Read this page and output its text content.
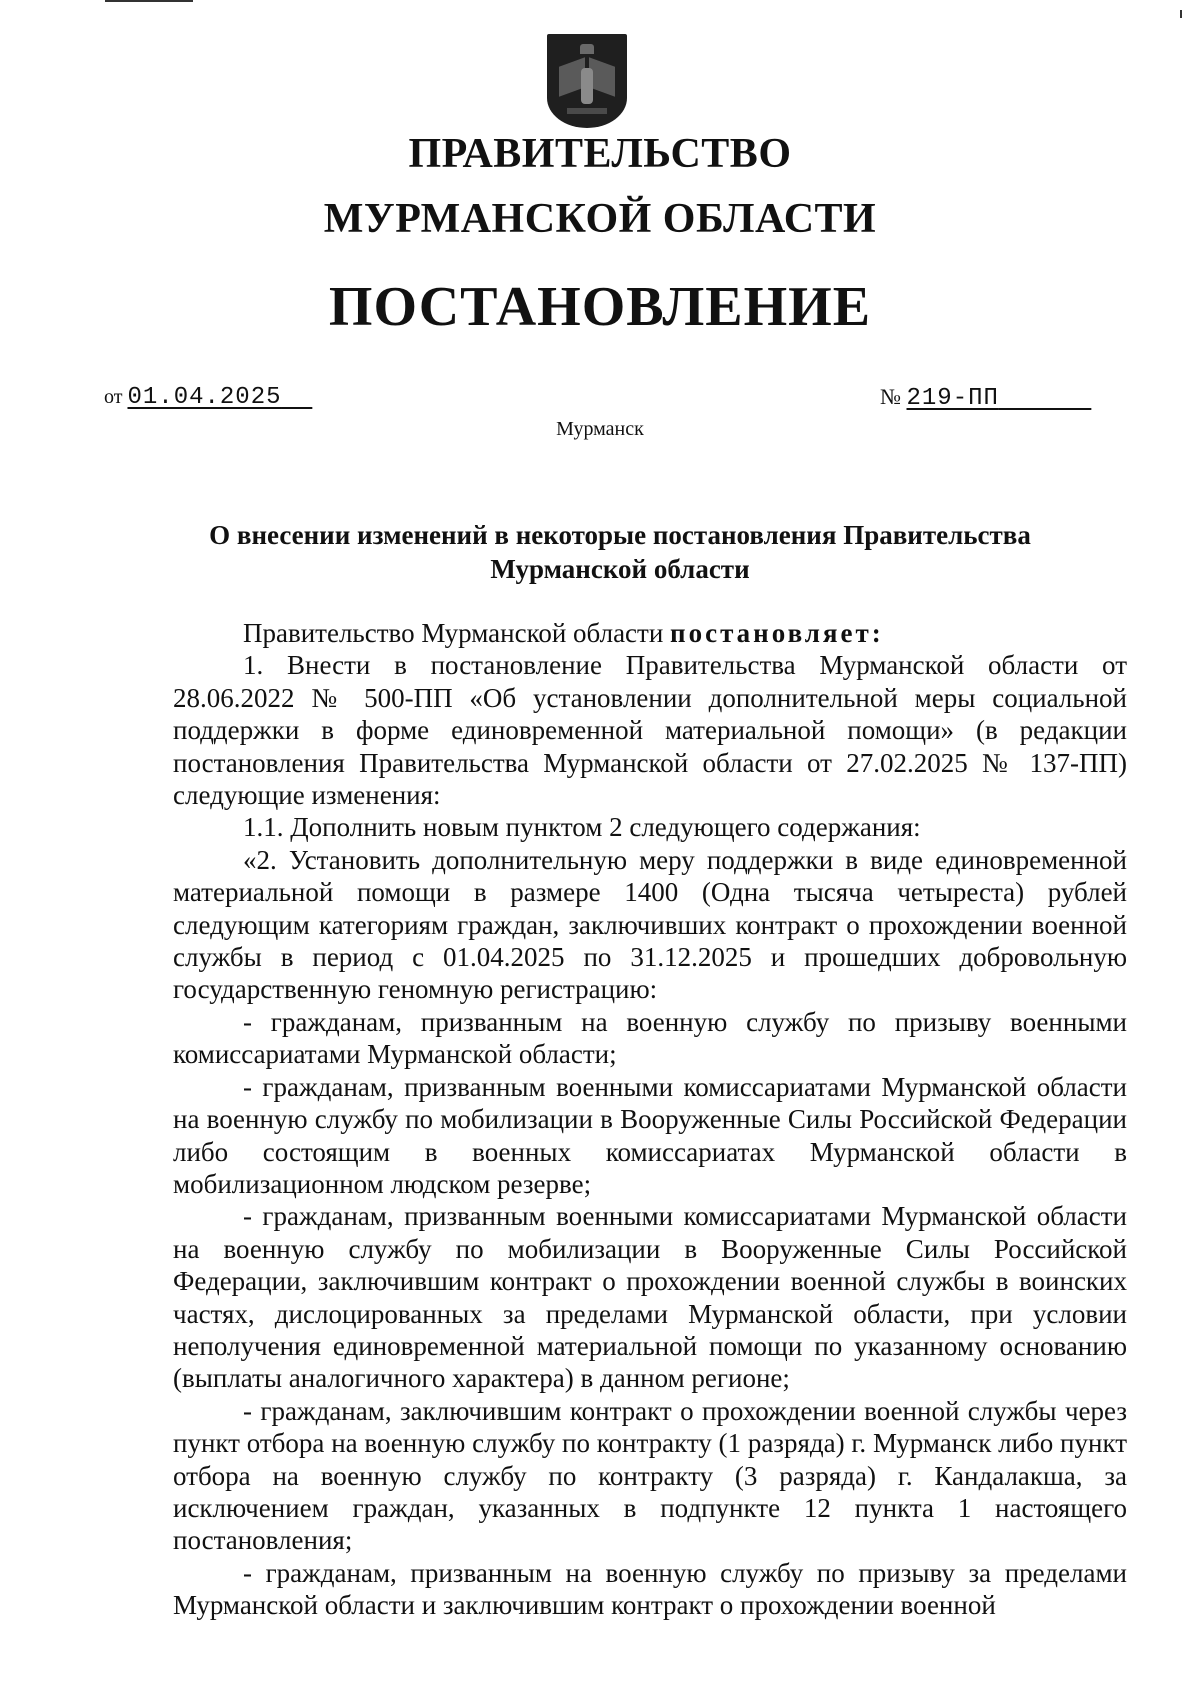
ПРАВИТЕЛЬСТВО
МУРМАНСКОЙ ОБЛАСТИ
ПОСТАНОВЛЕНИЕ
от 01.04.2025	№ 219-ПП
Мурманск
О внесении изменений в некоторые постановления Правительства
Мурманской области

Правительство Мурманской области постановляет:

1. Внести в постановление Правительства Мурманской области от 28.06.2022 № 500-ПП «Об установлении дополнительной меры социальной поддержки в форме единовременной материальной помощи» (в редакции постановления Правительства Мурманской области от 27.02.2025 № 137-ПП) следующие изменения:

1.1. Дополнить новым пунктом 2 следующего содержания:

«2. Установить дополнительную меру поддержки в виде единовременной материальной помощи в размере 1400 (Одна тысяча четыреста) рублей следующим категориям граждан, заключивших контракт о прохождении военной службы в период с 01.04.2025 по 31.12.2025 и прошедших добровольную государственную геномную регистрацию:

- гражданам, призванным на военную службу по призыву военными комиссариатами Мурманской области;

- гражданам, призванным военными комиссариатами Мурманской области на военную службу по мобилизации в Вооруженные Силы Российской Федерации либо состоящим в военных комиссариатах Мурманской области в мобилизационном людском резерве;

- гражданам, призванным военными комиссариатами Мурманской области на военную службу по мобилизации в Вооруженные Силы Российской Федерации, заключившим контракт о прохождении военной службы в воинских частях, дислоцированных за пределами Мурманской области, при условии неполучения единовременной материальной помощи по указанному основанию (выплаты аналогичного характера) в данном регионе;

- гражданам, заключившим контракт о прохождении военной службы через пункт отбора на военную службу по контракту (1 разряда) г. Мурманск либо пункт отбора на военную службу по контракту (3 разряда) г. Кандалакша, за исключением граждан, указанных в подпункте 12 пункта 1 настоящего постановления;

- гражданам, призванным на военную службу по призыву за пределами Мурманской области и заключившим контракт о прохождении военной
